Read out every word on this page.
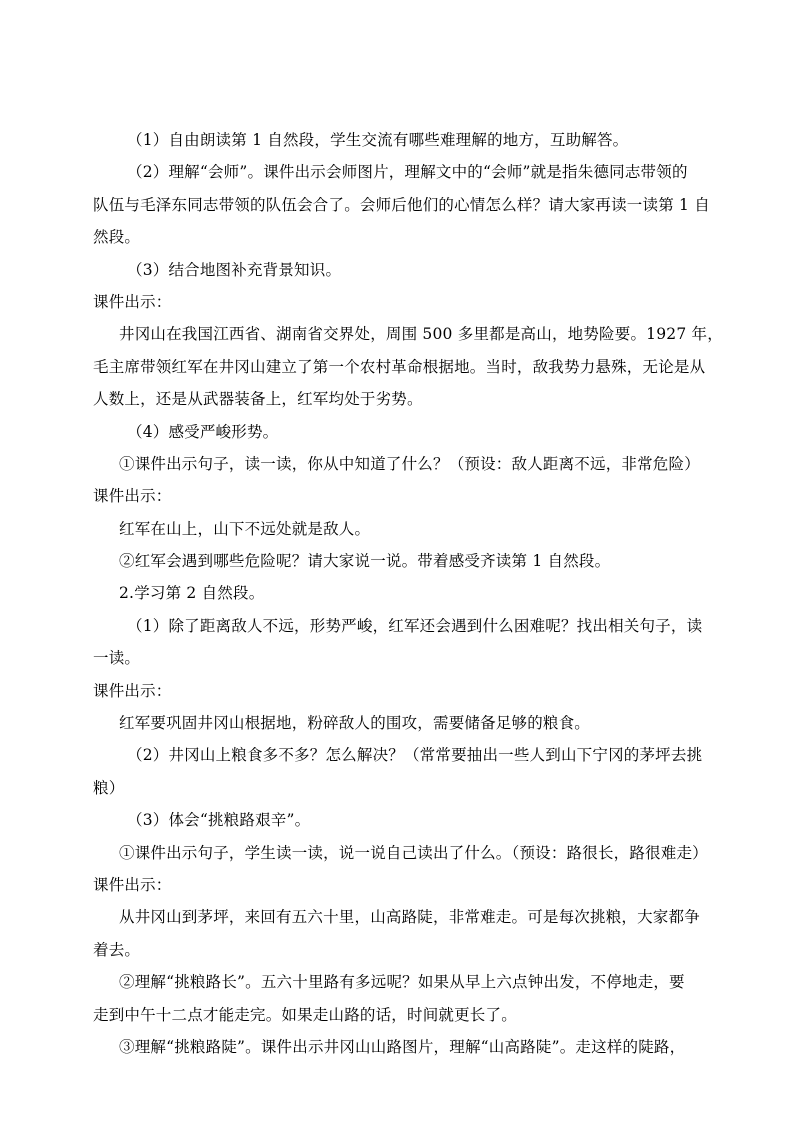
（1）自由朗读第 1 自然段，学生交流有哪些难理解的地方，互助解答。
（2）理解“会师”。课件出示会师图片，理解文中的“会师”就是指朱德同志带领的
队伍与毛泽东同志带领的队伍会合了。会师后他们的心情怎么样？请大家再读一读第 1 自
然段。
（3）结合地图补充背景知识。
课件出示：
井冈山在我国江西省、湖南省交界处，周围 500 多里都是高山，地势险要。1927 年，
毛主席带领红军在井冈山建立了第一个农村革命根据地。当时，敌我势力悬殊，无论是从
人数上，还是从武器装备上，红军均处于劣势。
（4）感受严峻形势。
①课件出示句子，读一读，你从中知道了什么？（预设：敌人距离不远，非常危险）
课件出示：
红军在山上，山下不远处就是敌人。
②红军会遇到哪些危险呢？请大家说一说。带着感受齐读第 1 自然段。
2.学习第 2 自然段。
（1）除了距离敌人不远，形势严峻，红军还会遇到什么困难呢？找出相关句子，读
一读。
课件出示：
红军要巩固井冈山根据地，粉碎敌人的围攻，需要储备足够的粮食。
（2）井冈山上粮食多不多？怎么解决？（常常要抽出一些人到山下宁冈的茅坪去挑
粮）
（3）体会“挑粮路艰辛”。
①课件出示句子，学生读一读，说一说自己读出了什么。（预设：路很长，路很难走）
课件出示：
从井冈山到茅坪，来回有五六十里，山高路陡，非常难走。可是每次挑粮，大家都争
着去。
②理解“挑粮路长”。五六十里路有多远呢？如果从早上六点钟出发，不停地走，要
走到中午十二点才能走完。如果走山路的话，时间就更长了。
③理解“挑粮路陡”。课件出示井冈山山路图片，理解“山高路陡”。走这样的陡路，
